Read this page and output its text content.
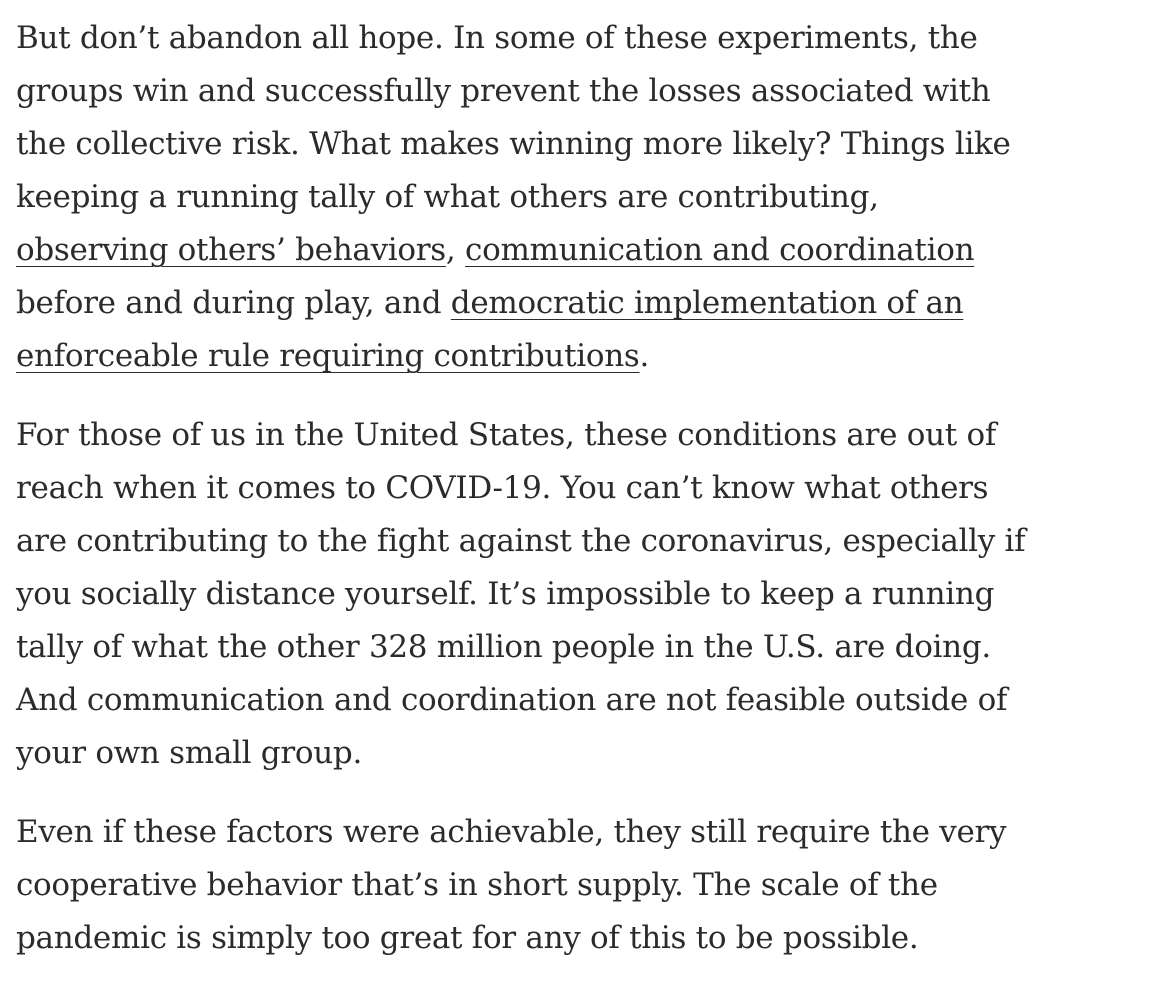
But don’t abandon all hope. In some of these experiments, the
groups win and successfully prevent the losses associated with
the collective risk. What makes winning more likely? Things like
keeping a running tally of what others are contributing,
observing others’ behaviors, communication and coordination
before and during play, and democratic implementation of an
enforceable rule requiring contributions.

For those of us in the United States, these conditions are out of
reach when it comes to COVID-19. You can’t know what others
are contributing to the fight against the coronavirus, especially if
you socially distance yourself. It’s impossible to keep a running
tally of what the other 328 million people in the U.S. are doing.
And communication and coordination are not feasible outside of
your own small group.

Even if these factors were achievable, they still require the very
cooperative behavior that’s in short supply. The scale of the
pandemic is simply too great for any of this to be possible.
